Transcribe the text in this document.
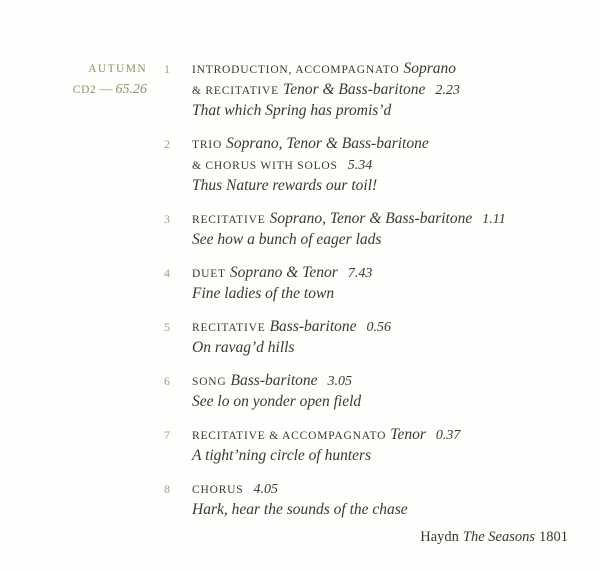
AUTUMN
CD2 — 65.26
1 INTRODUCTION, ACCOMPAGNATO Soprano
& RECITATIVE Tenor & Bass-baritone 2.23
That which Spring has promis’d
2 TRIO Soprano, Tenor & Bass-baritone
& CHORUS WITH SOLOS 5.34
Thus Nature rewards our toil!
3 RECITATIVE Soprano, Tenor & Bass-baritone 1.11
See how a bunch of eager lads
4 DUET Soprano & Tenor 7.43
Fine ladies of the town
5 RECITATIVE Bass-baritone 0.56
On ravag’d hills
6 SONG Bass-baritone 3.05
See lo on yonder open field
7 RECITATIVE & ACCOMPAGNATO Tenor 0.37
A tight’ning circle of hunters
8 CHORUS 4.05
Hark, hear the sounds of the chase
Haydn The Seasons 1801
